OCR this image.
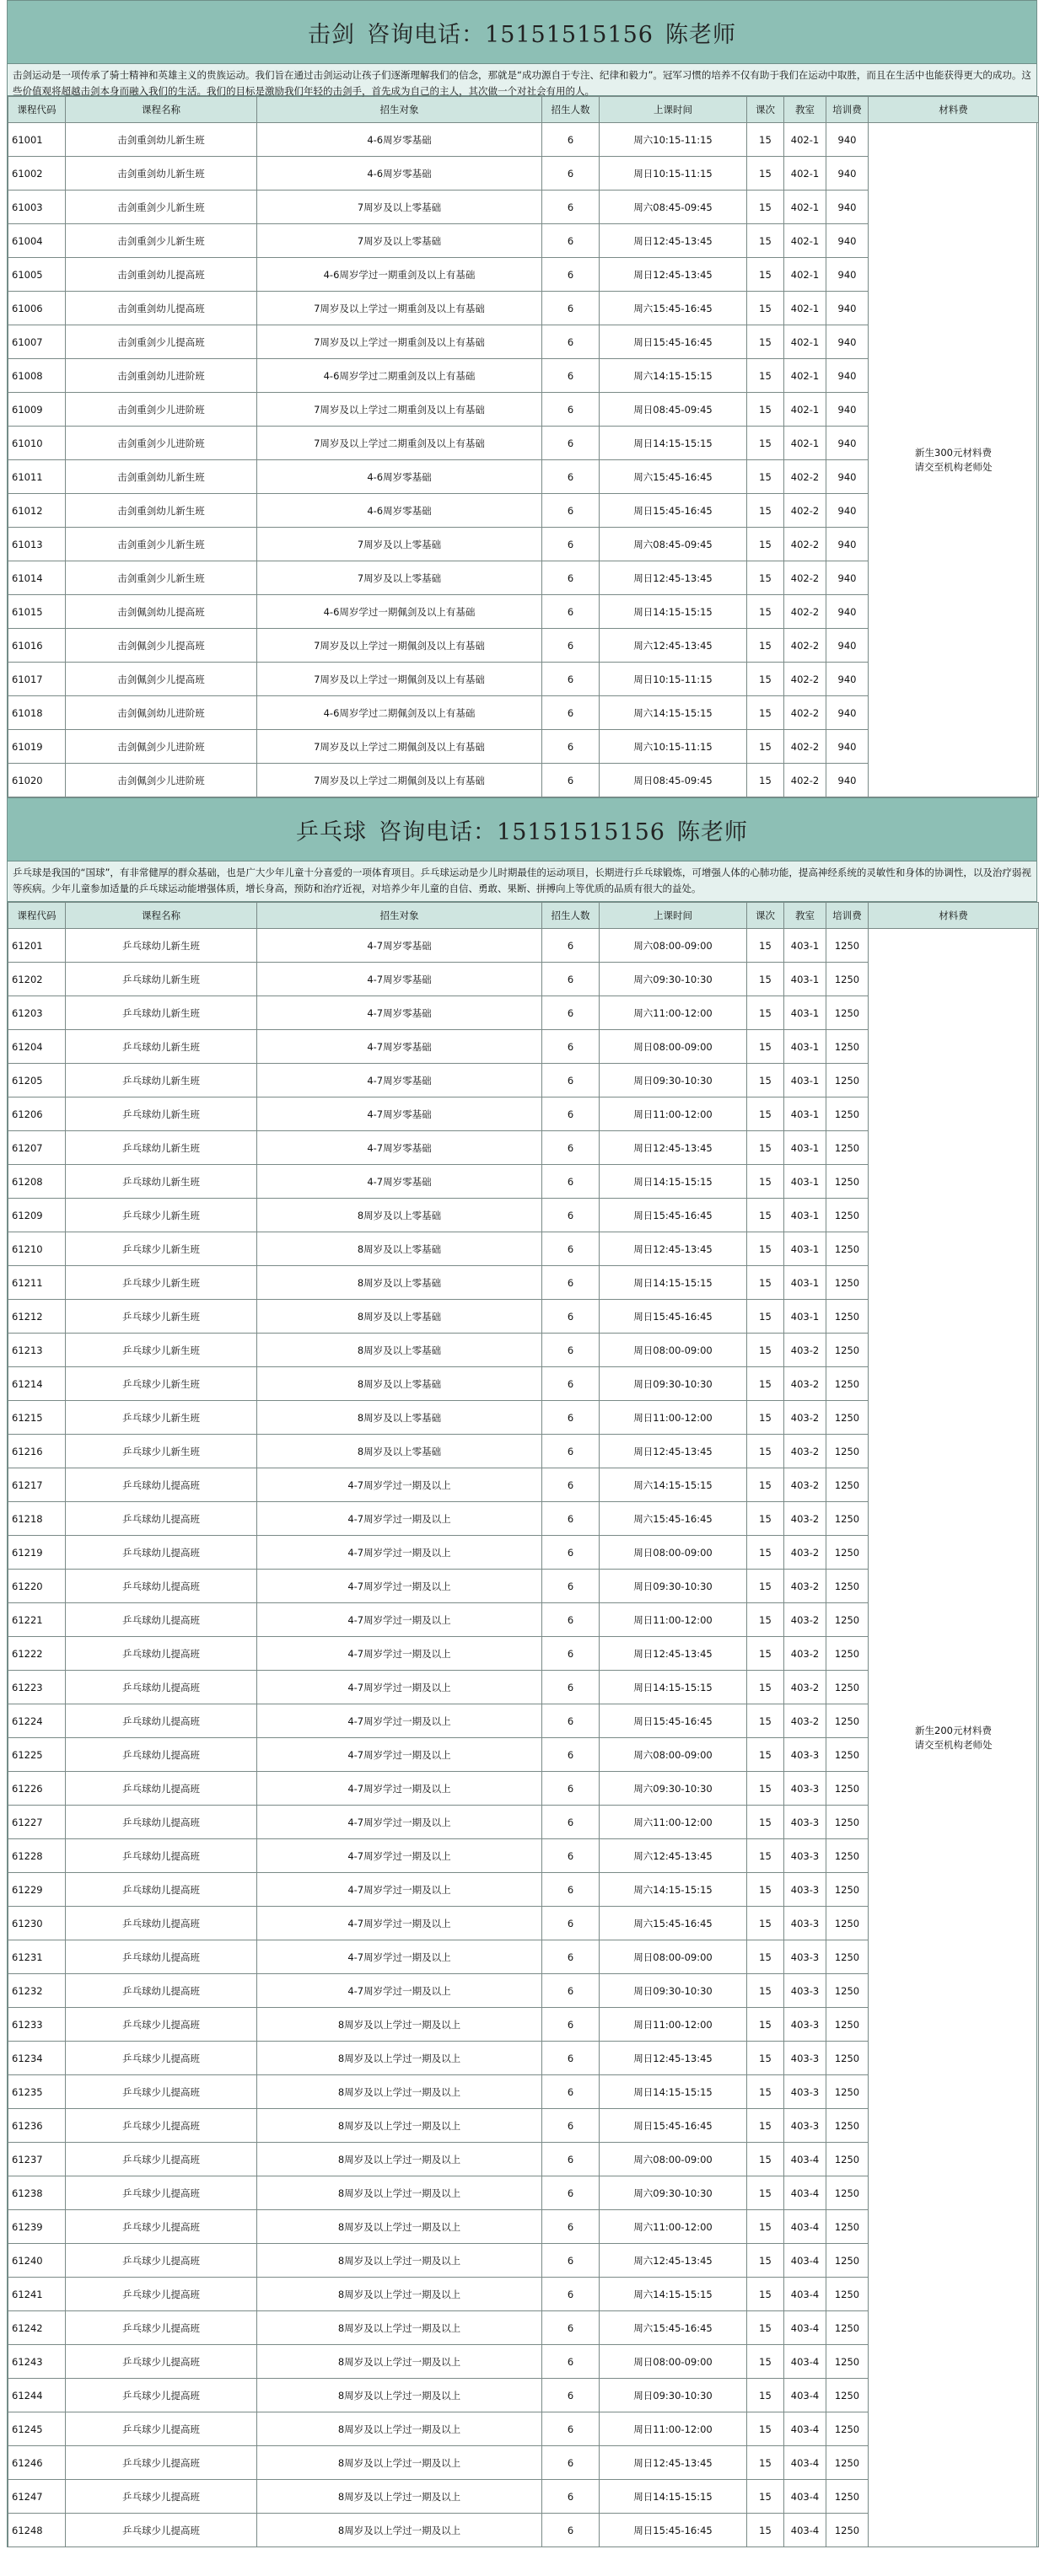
击剑 咨询电话：15151515156 陈老师
击剑运动是一项传承了骑士精神和英雄主义的贵族运动。我们旨在通过击剑运动让孩子们逐渐理解我们的信念，那就是“成功源自于专注、纪律和毅力”。冠军习惯的培养不仅有助于我们在运动中取胜，而且在生活中也能获得更大的成功。这些价值观将超越击剑本身而融入我们的生活。我们的目标是激励我们年轻的击剑手，首先成为自己的主人，其次做一个对社会有用的人。
课程代码	课程名称	招生对象	招生人数	上课时间	课次	教室	培训费	材料费
61001	击剑重剑幼儿新生班	4-6周岁零基础	6	周六10:15-11:15	15	402-1	940	新生300元材料费
请交至机构老师处
61002	击剑重剑幼儿新生班	4-6周岁零基础	6	周日10:15-11:15	15	402-1	940	
61003	击剑重剑少儿新生班	7周岁及以上零基础	6	周六08:45-09:45	15	402-1	940	
61004	击剑重剑少儿新生班	7周岁及以上零基础	6	周日12:45-13:45	15	402-1	940	
61005	击剑重剑幼儿提高班	4-6周岁学过一期重剑及以上有基础	6	周日12:45-13:45	15	402-1	940	
61006	击剑重剑幼儿提高班	7周岁及以上学过一期重剑及以上有基础	6	周六15:45-16:45	15	402-1	940	
61007	击剑重剑少儿提高班	7周岁及以上学过一期重剑及以上有基础	6	周日15:45-16:45	15	402-1	940	
61008	击剑重剑幼儿进阶班	4-6周岁学过二期重剑及以上有基础	6	周六14:15-15:15	15	402-1	940	
61009	击剑重剑少儿进阶班	7周岁及以上学过二期重剑及以上有基础	6	周日08:45-09:45	15	402-1	940	
61010	击剑重剑少儿进阶班	7周岁及以上学过二期重剑及以上有基础	6	周日14:15-15:15	15	402-1	940	
61011	击剑重剑幼儿新生班	4-6周岁零基础	6	周六15:45-16:45	15	402-2	940	
61012	击剑重剑幼儿新生班	4-6周岁零基础	6	周日15:45-16:45	15	402-2	940	
61013	击剑重剑少儿新生班	7周岁及以上零基础	6	周六08:45-09:45	15	402-2	940	
61014	击剑重剑少儿新生班	7周岁及以上零基础	6	周日12:45-13:45	15	402-2	940	
61015	击剑佩剑幼儿提高班	4-6周岁学过一期佩剑及以上有基础	6	周日14:15-15:15	15	402-2	940	
61016	击剑佩剑少儿提高班	7周岁及以上学过一期佩剑及以上有基础	6	周六12:45-13:45	15	402-2	940	
61017	击剑佩剑少儿提高班	7周岁及以上学过一期佩剑及以上有基础	6	周日10:15-11:15	15	402-2	940	
61018	击剑佩剑幼儿进阶班	4-6周岁学过二期佩剑及以上有基础	6	周六14:15-15:15	15	402-2	940	
61019	击剑佩剑少儿进阶班	7周岁及以上学过二期佩剑及以上有基础	6	周六10:15-11:15	15	402-2	940	
61020	击剑佩剑少儿进阶班	7周岁及以上学过二期佩剑及以上有基础	6	周日08:45-09:45	15	402-2	940	
乒乓球 咨询电话：15151515156 陈老师
乒乓球是我国的“国球”，有非常健厚的群众基础，也是广大少年儿童十分喜爱的一项体育项目。乒乓球运动是少儿时期最佳的运动项目，长期进行乒乓球锻炼，可增强人体的心肺功能，提高神经系统的灵敏性和身体的协调性，以及治疗弱视等疾病。少年儿童参加适量的乒乓球运动能增强体质，增长身高，预防和治疗近视，对培养少年儿童的自信、勇敢、果断、拼搏向上等优质的品质有很大的益处。
课程代码	课程名称	招生对象	招生人数	上课时间	课次	教室	培训费	材料费
61201	乒乓球幼儿新生班	4-7周岁零基础	6	周六08:00-09:00	15	403-1	1250	新生200元材料费
请交至机构老师处
61202	乒乓球幼儿新生班	4-7周岁零基础	6	周六09:30-10:30	15	403-1	1250	
61203	乒乓球幼儿新生班	4-7周岁零基础	6	周六11:00-12:00	15	403-1	1250	
61204	乒乓球幼儿新生班	4-7周岁零基础	6	周日08:00-09:00	15	403-1	1250	
61205	乒乓球幼儿新生班	4-7周岁零基础	6	周日09:30-10:30	15	403-1	1250	
61206	乒乓球幼儿新生班	4-7周岁零基础	6	周日11:00-12:00	15	403-1	1250	
61207	乒乓球幼儿新生班	4-7周岁零基础	6	周日12:45-13:45	15	403-1	1250	
61208	乒乓球幼儿新生班	4-7周岁零基础	6	周日14:15-15:15	15	403-1	1250	
61209	乒乓球少儿新生班	8周岁及以上零基础	6	周日15:45-16:45	15	403-1	1250	
61210	乒乓球少儿新生班	8周岁及以上零基础	6	周日12:45-13:45	15	403-1	1250	
61211	乒乓球少儿新生班	8周岁及以上零基础	6	周日14:15-15:15	15	403-1	1250	
61212	乒乓球少儿新生班	8周岁及以上零基础	6	周日15:45-16:45	15	403-1	1250	
61213	乒乓球少儿新生班	8周岁及以上零基础	6	周日08:00-09:00	15	403-2	1250	
61214	乒乓球少儿新生班	8周岁及以上零基础	6	周日09:30-10:30	15	403-2	1250	
61215	乒乓球少儿新生班	8周岁及以上零基础	6	周日11:00-12:00	15	403-2	1250	
61216	乒乓球少儿新生班	8周岁及以上零基础	6	周日12:45-13:45	15	403-2	1250	
61217	乒乓球幼儿提高班	4-7周岁学过一期及以上	6	周六14:15-15:15	15	403-2	1250	
61218	乒乓球幼儿提高班	4-7周岁学过一期及以上	6	周六15:45-16:45	15	403-2	1250	
61219	乒乓球幼儿提高班	4-7周岁学过一期及以上	6	周日08:00-09:00	15	403-2	1250	
61220	乒乓球幼儿提高班	4-7周岁学过一期及以上	6	周日09:30-10:30	15	403-2	1250	
61221	乒乓球幼儿提高班	4-7周岁学过一期及以上	6	周日11:00-12:00	15	403-2	1250	
61222	乒乓球幼儿提高班	4-7周岁学过一期及以上	6	周日12:45-13:45	15	403-2	1250	
61223	乒乓球幼儿提高班	4-7周岁学过一期及以上	6	周日14:15-15:15	15	403-2	1250	
61224	乒乓球幼儿提高班	4-7周岁学过一期及以上	6	周日15:45-16:45	15	403-2	1250	
61225	乒乓球幼儿提高班	4-7周岁学过一期及以上	6	周六08:00-09:00	15	403-3	1250	
61226	乒乓球幼儿提高班	4-7周岁学过一期及以上	6	周六09:30-10:30	15	403-3	1250	
61227	乒乓球幼儿提高班	4-7周岁学过一期及以上	6	周六11:00-12:00	15	403-3	1250	
61228	乒乓球幼儿提高班	4-7周岁学过一期及以上	6	周六12:45-13:45	15	403-3	1250	
61229	乒乓球幼儿提高班	4-7周岁学过一期及以上	6	周六14:15-15:15	15	403-3	1250	
61230	乒乓球幼儿提高班	4-7周岁学过一期及以上	6	周六15:45-16:45	15	403-3	1250	
61231	乒乓球幼儿提高班	4-7周岁学过一期及以上	6	周日08:00-09:00	15	403-3	1250	
61232	乒乓球幼儿提高班	4-7周岁学过一期及以上	6	周日09:30-10:30	15	403-3	1250	
61233	乒乓球少儿提高班	8周岁及以上学过一期及以上	6	周日11:00-12:00	15	403-3	1250	
61234	乒乓球少儿提高班	8周岁及以上学过一期及以上	6	周日12:45-13:45	15	403-3	1250	
61235	乒乓球少儿提高班	8周岁及以上学过一期及以上	6	周日14:15-15:15	15	403-3	1250	
61236	乒乓球少儿提高班	8周岁及以上学过一期及以上	6	周日15:45-16:45	15	403-3	1250	
61237	乒乓球少儿提高班	8周岁及以上学过一期及以上	6	周六08:00-09:00	15	403-4	1250	
61238	乒乓球少儿提高班	8周岁及以上学过一期及以上	6	周六09:30-10:30	15	403-4	1250	
61239	乒乓球少儿提高班	8周岁及以上学过一期及以上	6	周六11:00-12:00	15	403-4	1250	
61240	乒乓球少儿提高班	8周岁及以上学过一期及以上	6	周六12:45-13:45	15	403-4	1250	
61241	乒乓球少儿提高班	8周岁及以上学过一期及以上	6	周六14:15-15:15	15	403-4	1250	
61242	乒乓球少儿提高班	8周岁及以上学过一期及以上	6	周六15:45-16:45	15	403-4	1250	
61243	乒乓球少儿提高班	8周岁及以上学过一期及以上	6	周日08:00-09:00	15	403-4	1250	
61244	乒乓球少儿提高班	8周岁及以上学过一期及以上	6	周日09:30-10:30	15	403-4	1250	
61245	乒乓球少儿提高班	8周岁及以上学过一期及以上	6	周日11:00-12:00	15	403-4	1250	
61246	乒乓球少儿提高班	8周岁及以上学过一期及以上	6	周日12:45-13:45	15	403-4	1250	
61247	乒乓球少儿提高班	8周岁及以上学过一期及以上	6	周日14:15-15:15	15	403-4	1250	
61248	乒乓球少儿提高班	8周岁及以上学过一期及以上	6	周日15:45-16:45	15	403-4	1250	
